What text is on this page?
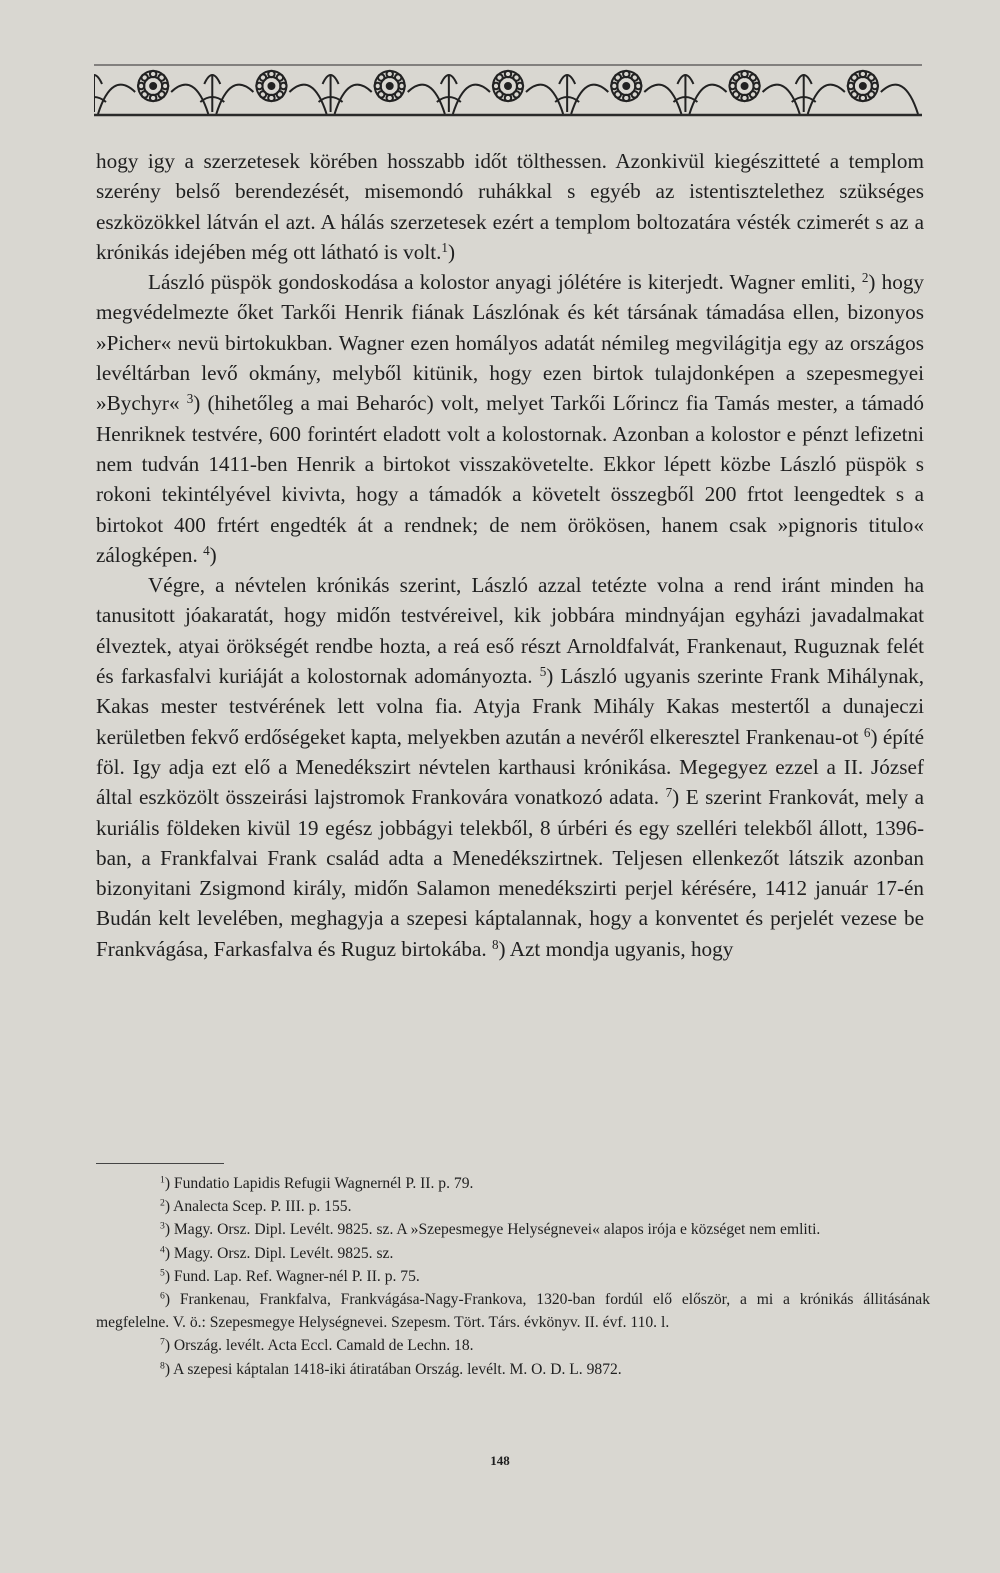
hogy igy a szerzetesek körében hosszabb időt tölthessen. Azonkivül kiegészitteté a templom szerény belső berendezését, misemondó ruhákkal s egyéb az istentisztelethez szükséges eszközökkel látván el azt. A hálás szerzetesek ezért a templom boltozatára vésték czimerét s az a krónikás idejében még ott látható is volt.$^1$)

László püspök gondoskodása a kolostor anyagi jólétére is kiterjedt. Wagner emliti, $^2$) hogy megvédelmezte őket Tarkői Henrik fiának Lászlónak és két társának támadása ellen, bizonyos »Picher« nevü birtokukban. Wagner ezen homályos adatát némileg megvilágitja egy az országos levéltárban levő okmány, melyből kitünik, hogy ezen birtok tulajdonképen a szepesmegyei »Bychyr« $^3$) (hihetőleg a mai Beharóc) volt, melyet Tarkői Lőrincz fia Tamás mester, a támadó Henriknek testvére, 600 forintért eladott volt a kolostornak. Azonban a kolostor e pénzt lefizetni nem tudván 1411-ben Henrik a birtokot visszakövetelte. Ekkor lépett közbe László püspök s rokoni tekintélyével kivivta, hogy a támadók a követelt összegből 200 frtot leengedtek s a birtokot 400 frtért engedték át a rendnek; de nem örökösen, hanem csak »pignoris titulo« zálogképen. $^4$)

Végre, a névtelen krónikás szerint, László azzal tetézte volna a rend iránt minden ha tanusitott jóakaratát, hogy midőn testvéreivel, kik jobbára mindnyájan egyházi javadalmakat élveztek, atyai örökségét rendbe hozta, a reá eső részt Arnoldfalvát, Frankenaut, Ruguznak felét és farkasfalvi kuriáját a kolostornak adományozta. $^5$) László ugyanis szerinte Frank Mihálynak, Kakas mester testvérének lett volna fia. Atyja Frank Mihály Kakas mestertől a dunajeczi kerületben fekvő erdőségeket kapta, melyekben azután a nevéről elkeresztel Frankenau-ot $^6$) építé föl. Igy adja ezt elő a Menedékszirt névtelen karthausi krónikása. Megegyez ezzel a II. József által eszközölt összeirási lajstromok Frankovára vonatkozó adata. $^7$) E szerint Frankovát, mely a kuriális földeken kivül 19 egész jobbágyi telekből, 8 úrbéri és egy szelléri telekből állott, 1396-ban, a Frankfalvai Frank család adta a Menedékszirtnek. Teljesen ellenkezőt látszik azonban bizonyitani Zsigmond király, midőn Salamon menedékszirti perjel kérésére, 1412 január 17-én Budán kelt levelében, meghagyja a szepesi káptalannak, hogy a konventet és perjelét vezese be Frankvágása, Farkasfalva és Ruguz birtokába. $^8$) Azt mondja ugyanis, hogy

$^1$) Fundatio Lapidis Refugii Wagnernél P. II. p. 79.

$^2$) Analecta Scep. P. III. p. 155.

$^3$) Magy. Orsz. Dipl. Levélt. 9825. sz. A »Szepesmegye Helységnevei« alapos irója e községet nem emliti.

$^4$) Magy. Orsz. Dipl. Levélt. 9825. sz.

$^5$) Fund. Lap. Ref. Wagner-nél P. II. p. 75.

$^6$) Frankenau, Frankfalva, Frankvágása-Nagy-Frankova, 1320-ban fordúl elő először, a mi a krónikás állitásának megfelelne. V. ö.: Szepesmegye Helységnevei. Szepesm. Tört. Társ. évkönyv. II. évf. 110. l.

$^7$) Ország. levélt. Acta Eccl. Camald de Lechn. 18.

$^8$) A szepesi káptalan 1418-iki átiratában Ország. levélt. M. O. D. L. 9872.

148
